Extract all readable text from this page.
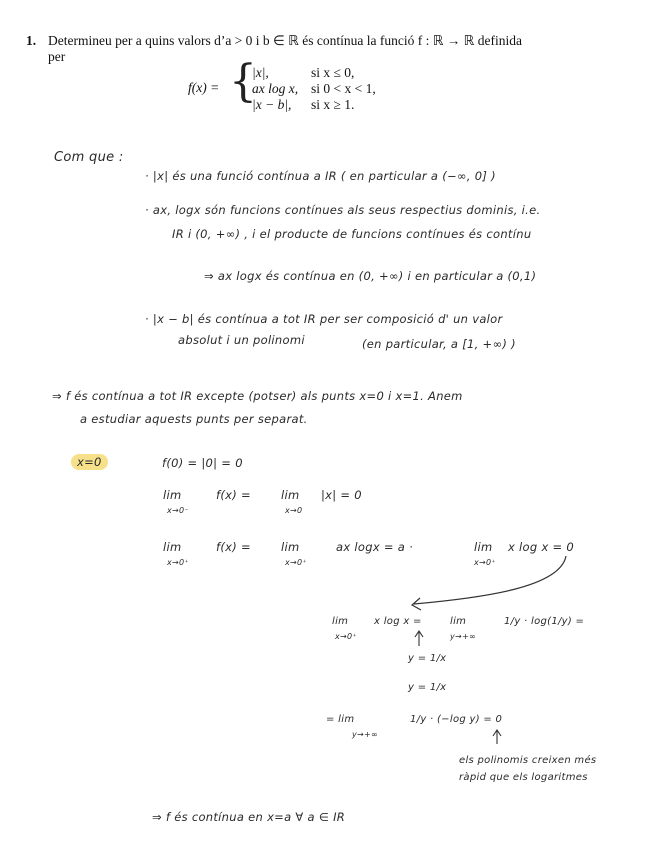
1. Determineu per a quins valors d’a > 0 i b ∈ ℝ és contínua la funció f : ℝ → ℝ definida
per
f(x) = {
|x|,	si x ≤ 0,
ax log x, si 0 < x < 1,
|x − b|, si x ≥ 1.
Com que :
· |x| és una funció contínua a IR ( en particular a (−∞, 0] )
· ax, logx són funcions contínues als seus respectius dominis, i.e.
IR i (0, +∞) , i el producte de funcions contínues és contínu
⇒ ax logx és contínua en (0, +∞) i en particular a (0,1)
· |x − b| és contínua a tot IR per ser composició d' un valor
absolut i un polinomi	(en particular, a [1, +∞) )
⇒ f és contínua a tot IR excepte (potser) als punts x=0 i x=1. Anem
a estudiar aquests punts per separat.
x=0	f(0) = |0| = 0
lim
x→0⁻
f(x) =	lim
x→0
|x| = 0
lim
x→0⁺
f(x) =	lim
x→0⁺
ax logx = a ·	lim
x→0⁺
x log x = 0
lim
x→0⁺
x log x =	lim
y→+∞
1/y · log(1/y) =
y = 1/x
y = 1/x
= lim
y→+∞
1/y · (−log y) = 0
els polinomis creixen més
ràpid que els logaritmes
⇒ f és contínua en x=a ∀ a ∈ IR
